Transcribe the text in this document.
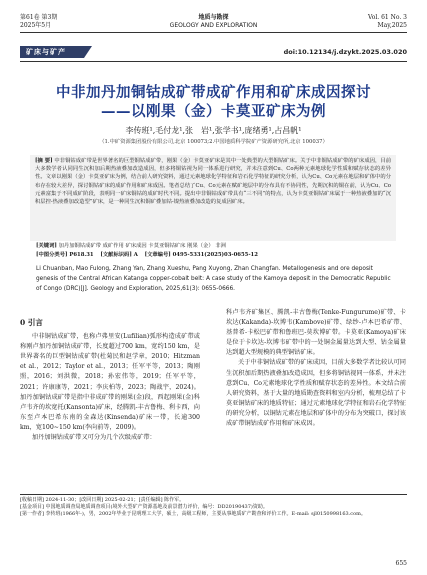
第61卷 第3期
2025年5月
地质与勘探
GEOLOGY AND EXPLORATION
Vol. 61 No. 3
May,2025
矿床与矿产	doi:10.12134/j.dzykt.2025.03.020
中非加丹加铜钴成矿带成矿作用和矿床成因探讨
——以刚果（金）卡莫亚矿床为例
李传班¹,毛付龙¹,张　岩¹,张学书¹,庞绪勇¹,占昌帆¹
（1.中矿资源集团股份有限公司,北京 100073;2.中国地质科学院矿产资源研究所,北京 100037）
[摘 要] 中非铜钴成矿带是世界著名的巨型铜钴成矿带，刚果（金）卡莫亚矿床是其中一处典型的大型铜钴矿床。关于中非铜钴成矿带的矿床成因，目前大多数学者认同同生沉积加后期热液叠加改造成因，但多将铜钴视为同一体系进行研究，并未注意到Cu、Co两种元素地球化学性质和赋存状态的差异性。文章以刚果（金）卡莫亚矿床为例，结合前人研究资料，通过元素地球化学特征和岩石化学特征的研究分析，认为Cu、Co元素在地层和矿体中的分布存在较大差异，探讨铜钴矿床的成矿作用和矿床成因。笔者总结了Cu、Co元素在赋矿地层中的分布具有不协同性，先期沉积的铜在前，认为Cu、Co元素富集于不同成矿阶段，表明同一矿床铜钴的成矿时代不同。提出中非铜钴成矿带具有“三不同”的特点，认为卡莫亚铜钴矿床属于一种热液叠加的“沉积层控-热液叠加改造型”矿床，是一种同生沉积铜矿叠加钴-镍热液叠加改造的复成因矿床。
[关键词] 加丹加铜钴成矿带 成矿作用 矿床成因 卡莫亚铜钴矿床 刚果（金） 非洲
[中图分类号] P618.31 [文献标识码] A [文章编号] 0495-5331(2025)03-0655-12
Li Chuanban, Mao Fulong, Zhang Yan, Zhang Xueshu, Pang Xuyong, Zhan Changfan. Metallogenesis and ore deposit genesis of the Central African Katanga copper-cobalt belt: A case study of the Kamoya deposit in the Democratic Republic of Congo (DRC)[J]. Geology and Exploration, 2025,61(3): 0655-0666.
0 引言
中非铜钴成矿带，也称卢弗里安(Lufilian)弧形构造成矿带或称刚卢加丹加铜钴成矿带，长度超过700 km，宽约150 km，是世界著名的巨型铜钴成矿带(杜菊民和赵学章，2010；Hitzman et al.，2012；Taylor et al.，2013；任军平等，2013；陶刚照，2016；刘洪微，2018；孙宏伟等，2019；任军平等，2021；许康康等，2021；李庆柏等，2023；陶战宇，2024)。加丹加铜钴成矿带是指中非成矿带的刚果(金)段，西起刚果(金)科卢韦齐的坎宽托(Kansonta)矿床，经腾凯-丰古鲁梅、利卡西，向东至卢本巴希东南的金森达(Kinsenda)矿床一带，长逾300 km，宽100~150 km(李向前等，2009)。
加丹加铜钴成矿带又可分为几个次级成矿带：
科卢韦齐矿集区、腾凯-丰古鲁梅(Tenke-Fungurume)矿带、卡坎达(Kakanda)-坎博韦(Kambove)矿带、绿纱-卢本巴希矿带、基普希-卡松巴矿带和鲁班巴-莫坎博矿带。卡莫亚(Kamoya)矿床是位于卡坎达-坎博韦矿带中的一处铜金属量达到大型、钴金属量达到超大型规模的典型铜钴矿床。
关于中非铜钴成矿带的矿床成因，目前大多数学者比较认可同生沉积加后期热液叠加改造成因，但多将铜钴视同一体系，并未注意到Cu、Co元素地球化学性质和赋存状态的差异性。本文结合前人研究资料，基于大量的地质勘查资料和室内分析，梳理总结了卡莫亚铜钴矿床的地质特征；通过元素地球化学特征和岩石化学特征的研究分析，以铜钴元素在地层和矿体中的分布为突破口，探讨该成矿带铜钴成矿作用和矿床成因。
[收稿日期] 2024-11-30；[改回日期] 2025-02-21；[责任编辑] 陈作军。
[基金项目] 中国地质调查局地质调查项目(境外大型矿产资源基地及前景潜力评价，编号：DD20190437)资助。
[第一作者] 李传班(1966年-)，男，2002年毕业于昆明理工大学，硕士，高级工程师，主要从事地质矿产勘查和评价工作。E-mail: sjl0150998163.com。
655
